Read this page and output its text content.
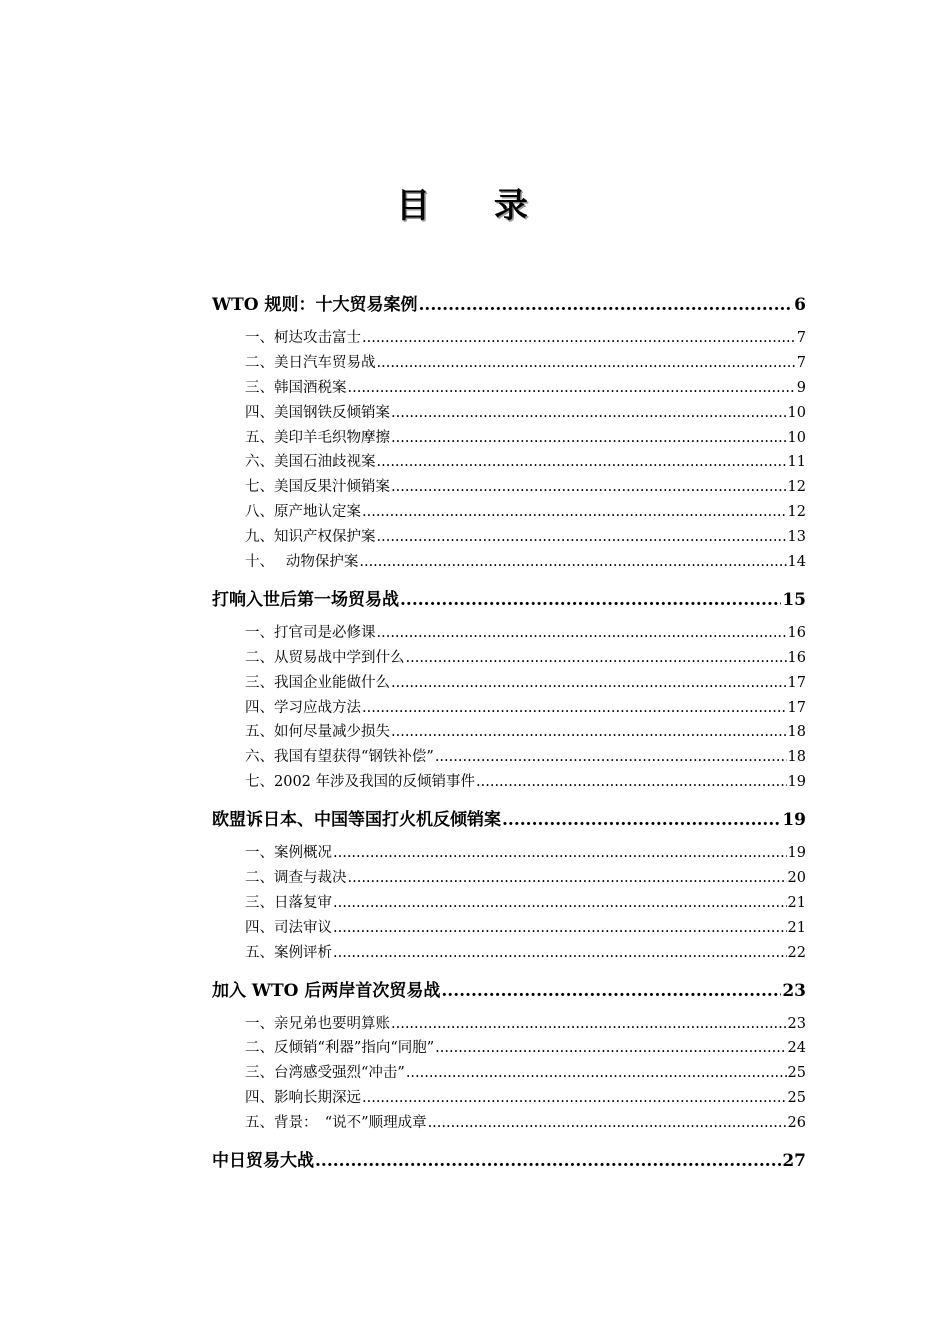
目 录
WTO 规则：十大贸易案例 .....	6
一、柯达攻击富士 .....	7
二、美日汽车贸易战 .....	7
三、韩国酒税案 .....	9
四、美国钢铁反倾销案 .....	10
五、美印羊毛织物摩擦 .....	10
六、美国石油歧视案 .....	11
七、美国反果汁倾销案 .....	12
八、原产地认定案 .....	12
九、知识产权保护案 .....	13
十、　 动物保护案 .....	14
打响入世后第一场贸易战 .....	15
一、打官司是必修课 .....	16
二、从贸易战中学到什么 .....	16
三、我国企业能做什么 .....	17
四、学习应战方法 .....	17
五、如何尽量减少损失 .....	18
六、我国有望获得“钢铁补偿” .....	18
七、2002 年涉及我国的反倾销事件 .....	19
欧盟诉日本、中国等国打火机反倾销案 .....	19
一、案例概况 .....	19
二、调查与裁决 .....	20
三、日落复审 .....	21
四、司法审议 .....	21
五、案例评析 .....	22
加入 WTO 后两岸首次贸易战 .....	23
一、亲兄弟也要明算账 .....	23
二、反倾销“利器”指向“同胞” .....	24
三、台湾感受强烈“冲击” .....	25
四、影响长期深远 .....	25
五、背景：　“说不”顺理成章 .....	26
中日贸易大战 .....	27
